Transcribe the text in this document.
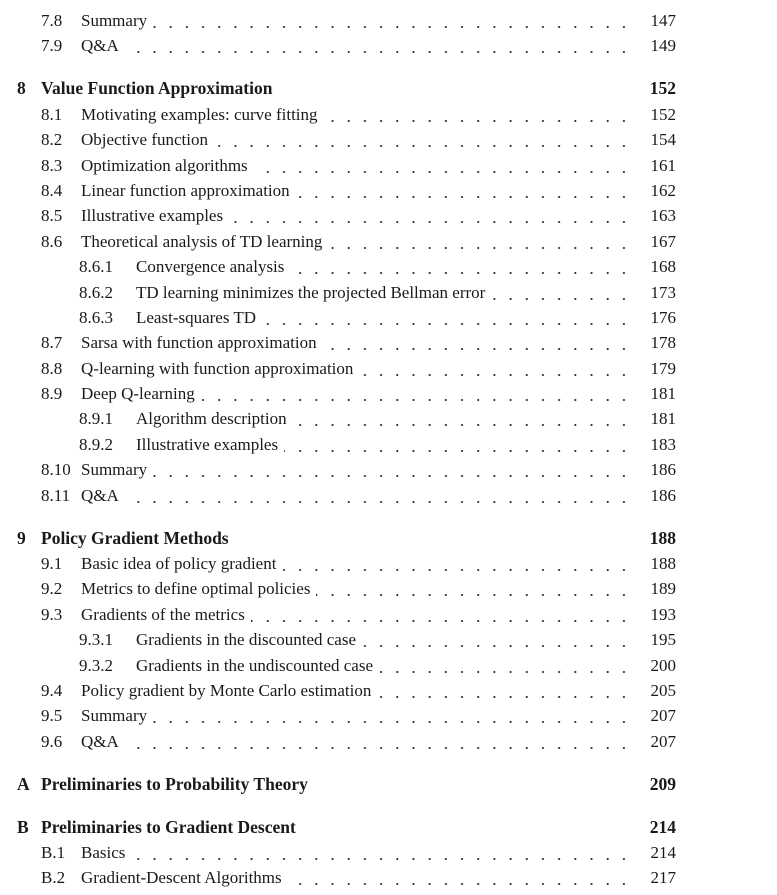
7.8 Summary	147
7.9 Q&A	149
8 Value Function Approximation	152
8.1 Motivating examples: curve fitting	152
8.2 Objective function	154
8.3 Optimization algorithms	161
8.4 Linear function approximation	162
8.5 Illustrative examples	163
8.6 Theoretical analysis of TD learning	167
8.6.1 Convergence analysis	168
8.6.2 TD learning minimizes the projected Bellman error	173
8.6.3 Least-squares TD	176
8.7 Sarsa with function approximation	178
8.8 Q-learning with function approximation	179
8.9 Deep Q-learning	181
8.9.1 Algorithm description	181
8.9.2 Illustrative examples	183
8.10 Summary	186
8.11 Q&A	186
9 Policy Gradient Methods	188
9.1 Basic idea of policy gradient	188
9.2 Metrics to define optimal policies	189
9.3 Gradients of the metrics	193
9.3.1 Gradients in the discounted case	195
9.3.2 Gradients in the undiscounted case	200
9.4 Policy gradient by Monte Carlo estimation	205
9.5 Summary	207
9.6 Q&A	207
A Preliminaries to Probability Theory	209
B Preliminaries to Gradient Descent	214
B.1 Basics	214
B.2 Gradient-Descent Algorithms	217
